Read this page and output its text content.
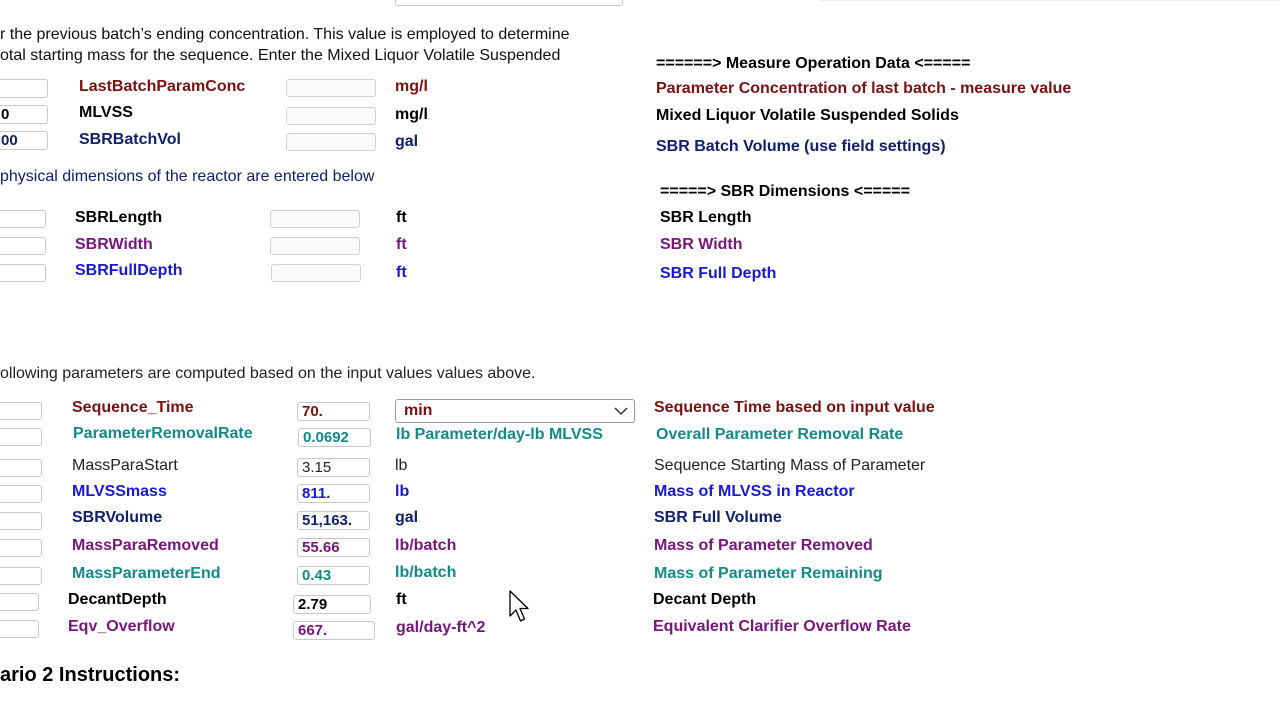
r the previous batch’s ending concentration. This value is employed to determine
otal starting mass for the sequence. Enter the Mixed Liquor Volatile Suspended	======> Measure Operation Data <=====
LastBatchParamConc	mg/l	Parameter Concentration of last batch - measure value
0	MLVSS	mg/l	Mixed Liquor Volatile Suspended Solids
00	SBRBatchVol	gal	SBR Batch Volume (use field settings)
physical dimensions of the reactor are entered below
=====> SBR Dimensions <=====
SBRLength	ft	SBR Length
SBRWidth	ft	SBR Width
SBRFullDepth	ft	SBR Full Depth
ollowing parameters are computed based on the input values values above.
Sequence_Time	70.	min	Sequence Time based on input value
ParameterRemovalRate	0.0692	lb Parameter/day-lb MLVSS	Overall Parameter Removal Rate
MassParaStart	3.15	lb	Sequence Starting Mass of Parameter
MLVSSmass	811.	lb	Mass of MLVSS in Reactor
SBRVolume	51,163.	gal	SBR Full Volume
MassParaRemoved	55.66	lb/batch	Mass of Parameter Removed
MassParameterEnd	0.43	lb/batch	Mass of Parameter Remaining
DecantDepth	2.79	ft	Decant Depth
Eqv_Overflow	667.	gal/day-ft^2	Equivalent Clarifier Overflow Rate
ario 2 Instructions:
